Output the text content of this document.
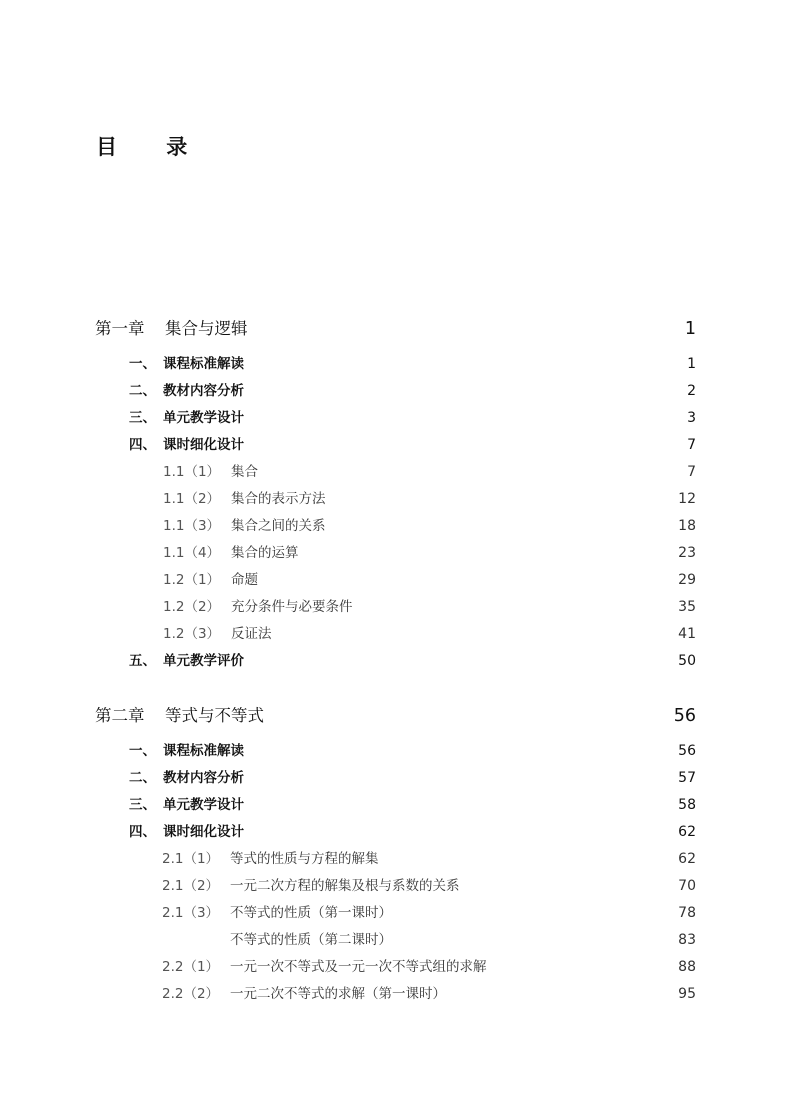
目 录
第一章 集合与逻辑	1
一、 课程标准解读	1
二、 教材内容分析	2
三、 单元教学设计	3
四、 课时细化设计	7
1.1（1） 集合	7
1.1（2） 集合的表示方法	12
1.1（3） 集合之间的关系	18
1.1（4） 集合的运算	23
1.2（1） 命题	29
1.2（2） 充分条件与必要条件	35
1.2（3） 反证法	41
五、 单元教学评价	50
第二章 等式与不等式	56
一、 课程标准解读	56
二、 教材内容分析	57
三、 单元教学设计	58
四、 课时细化设计	62
2.1（1） 等式的性质与方程的解集	62
2.1（2） 一元二次方程的解集及根与系数的关系	70
2.1（3） 不等式的性质（第一课时）	78
不等式的性质（第二课时）	83
2.2（1） 一元一次不等式及一元一次不等式组的求解	88
2.2（2） 一元二次不等式的求解（第一课时）	95
